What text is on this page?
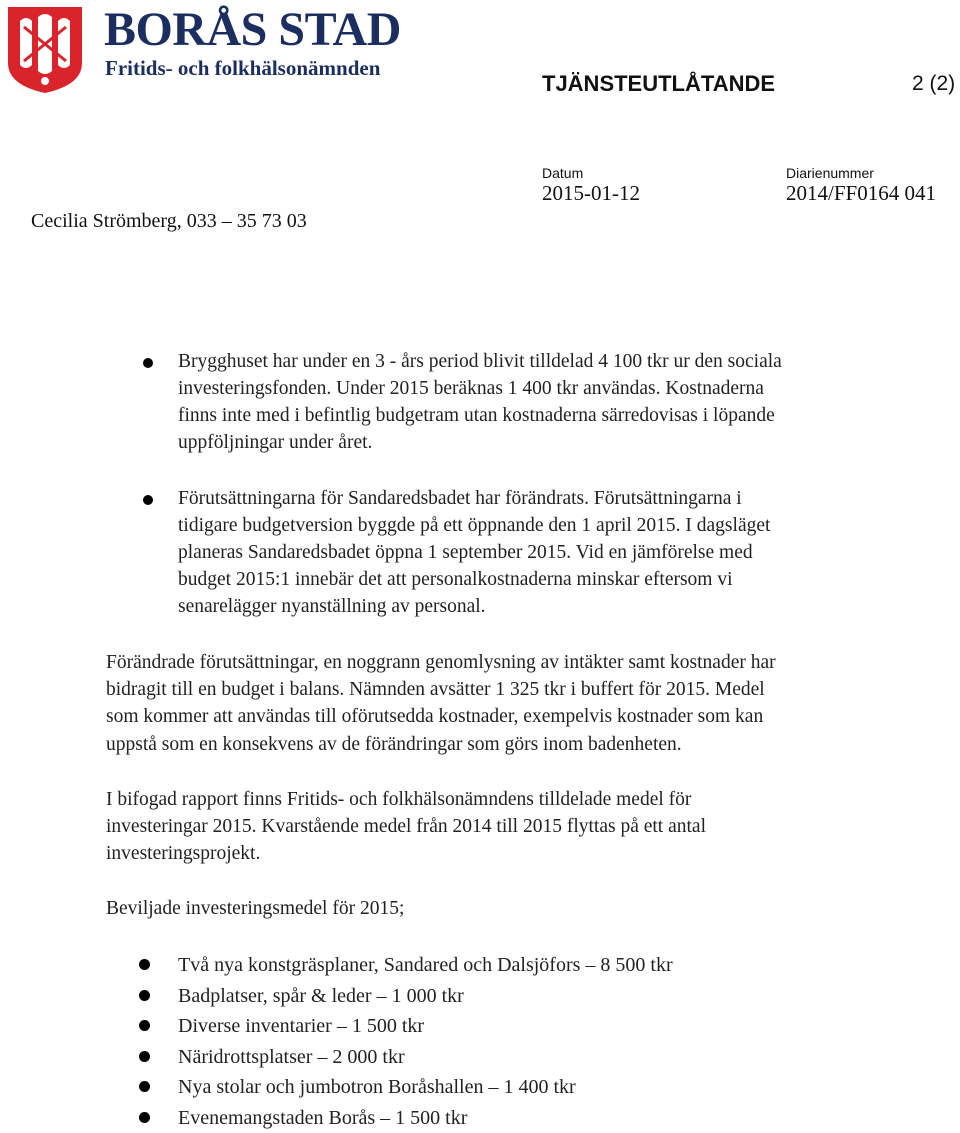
BORÅS STAD
Fritids- och folkhälsonämnden
TJÄNSTEUTLÅTANDE	2 (2)
Datum
2015-01-12
Diarienummer
2014/FF0164 041
Cecilia Strömberg, 033 – 35 73 03
Brygghuset har under en 3 - års period blivit tilldelad 4 100 tkr ur den sociala
investeringsfonden. Under 2015 beräknas 1 400 tkr användas. Kostnaderna
finns inte med i befintlig budgetram utan kostnaderna särredovisas i löpande
uppföljningar under året.
Förutsättningarna för Sandaredsbadet har förändrats. Förutsättningarna i
tidigare budgetversion byggde på ett öppnande den 1 april 2015. I dagsläget
planeras Sandaredsbadet öppna 1 september 2015. Vid en jämförelse med
budget 2015:1 innebär det att personalkostnaderna minskar eftersom vi
senarelägger nyanställning av personal.
Förändrade förutsättningar, en noggrann genomlysning av intäkter samt kostnader har
bidragit till en budget i balans. Nämnden avsätter 1 325 tkr i buffert för 2015. Medel
som kommer att användas till oförutsedda kostnader, exempelvis kostnader som kan
uppstå som en konsekvens av de förändringar som görs inom badenheten.
I bifogad rapport finns Fritids- och folkhälsonämndens tilldelade medel för
investeringar 2015. Kvarstående medel från 2014 till 2015 flyttas på ett antal
investeringsprojekt.
Beviljade investeringsmedel för 2015;
Två nya konstgräsplaner, Sandared och Dalsjöfors – 8 500 tkr
Badplatser, spår & leder – 1 000 tkr
Diverse inventarier – 1 500 tkr
Näridrottsplatser – 2 000 tkr
Nya stolar och jumbotron Boråshallen – 1 400 tkr
Evenemangstaden Borås – 1 500 tkr
